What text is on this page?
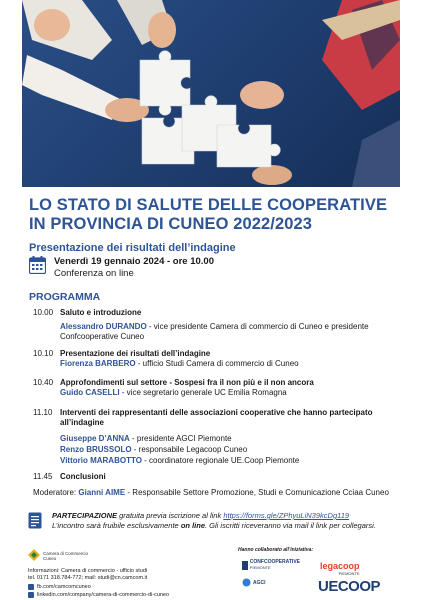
LO STATO DI SALUTE DELLE COOPERATIVE
IN PROVINCIA DI CUNEO 2022/2023
Presentazione dei risultati dell’indagine
Venerdì 19 gennaio 2024 - ore 10.00
Conferenza on line
PROGRAMMA
10.00 Saluto e introduzione
Alessandro DURANDO - vice presidente Camera di commercio di Cuneo e presidente
Confcooperative Cuneo
10.10 Presentazione dei risultati dell’indagine
Fiorenza BARBERO - ufficio Studi Camera di commercio di Cuneo
10.40 Approfondimenti sul settore - Sospesi fra il non più e il non ancora
Guido CASELLI - vice segretario generale UC Emilia Romagna
11.10 Interventi dei rappresentanti delle associazioni cooperative che hanno partecipato
all’indagine
Giuseppe D’ANNA - presidente AGCI Piemonte
Renzo BRUSSOLO - responsabile Legacoop Cuneo
Vittorio MARABOTTO - coordinatore regionale UE.Coop Piemonte
11.45 Conclusioni
Moderatore: Gianni AIME - Responsabile Settore Promozione, Studi e Comunicazione Cciaa Cuneo
PARTECIPAZIONE gratuita previa iscrizione al link https://forms.gle/ZPhyuLiN39kcDg119
L’incontro sarà fruibile esclusivamente on line. Gli iscritti riceveranno via mail il link per collegarsi.
Camera di Commercio Cuneo
Informazioni: Camera di commercio - ufficio studi
tel. 0171 318.784-772; mail: studi@cn.camcom.it
fb.com/camcomcuneo
linkedin.com/company/camera-di-commercio-di-cuneo
Hanno collaborato all’iniziativa:
CONFCOOPERATIVE
PIEMONTE	legacoop
PIEMONTE
AGCI	UECOOP
